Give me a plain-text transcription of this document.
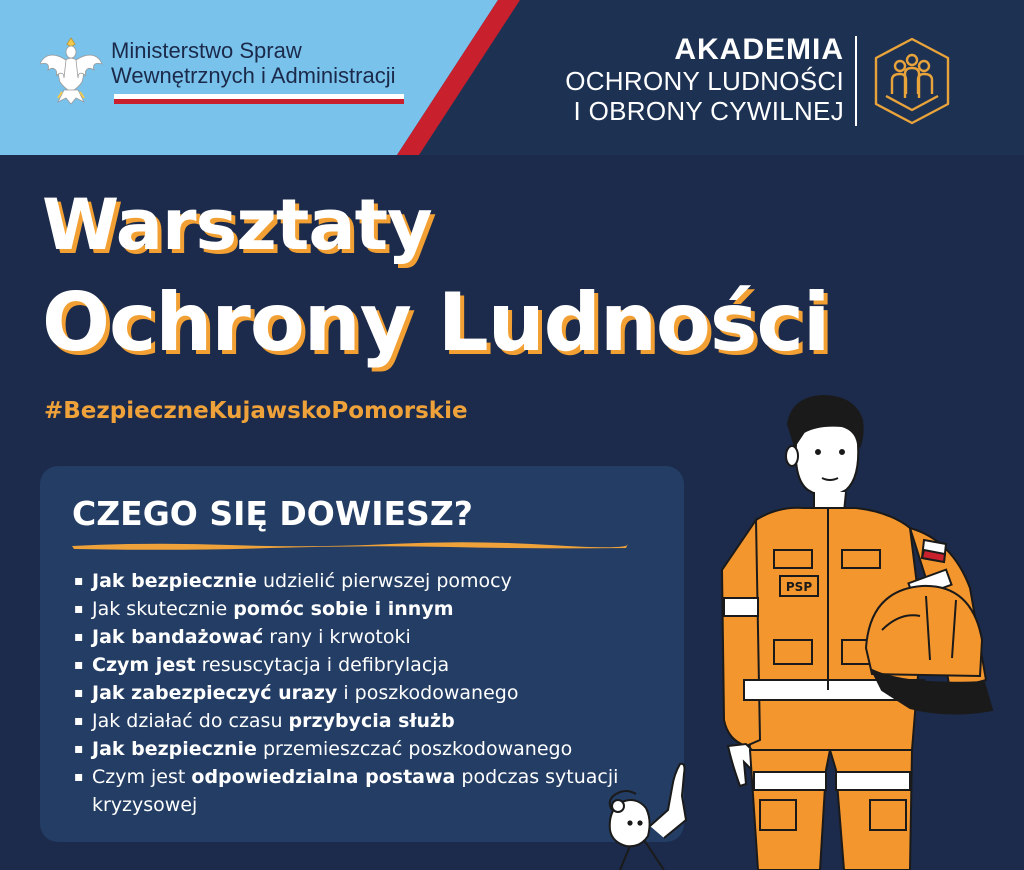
Ministerstwo Spraw
Wewnętrznych i Administracji
AKADEMIA
OCHRONY LUDNOŚCI
I OBRONY CYWILNEJ
Warsztaty
Ochrony Ludności
#BezpieczneKujawskoPomorskie
CZEGO SIĘ DOWIESZ?
▪ Jak bezpiecznie udzielić pierwszej pomocy
▪ Jak skutecznie pomóc sobie i innym
▪ Jak bandażować rany i krwotoki
▪ Czym jest resuscytacja i defibrylacja
▪ Jak zabezpieczyć urazy i poszkodowanego
▪ Jak działać do czasu przybycia służb
▪ Jak bezpiecznie przemieszczać poszkodowanego
▪ Czym jest odpowiedzialna postawa podczas sytuacji kryzysowej
PSP
